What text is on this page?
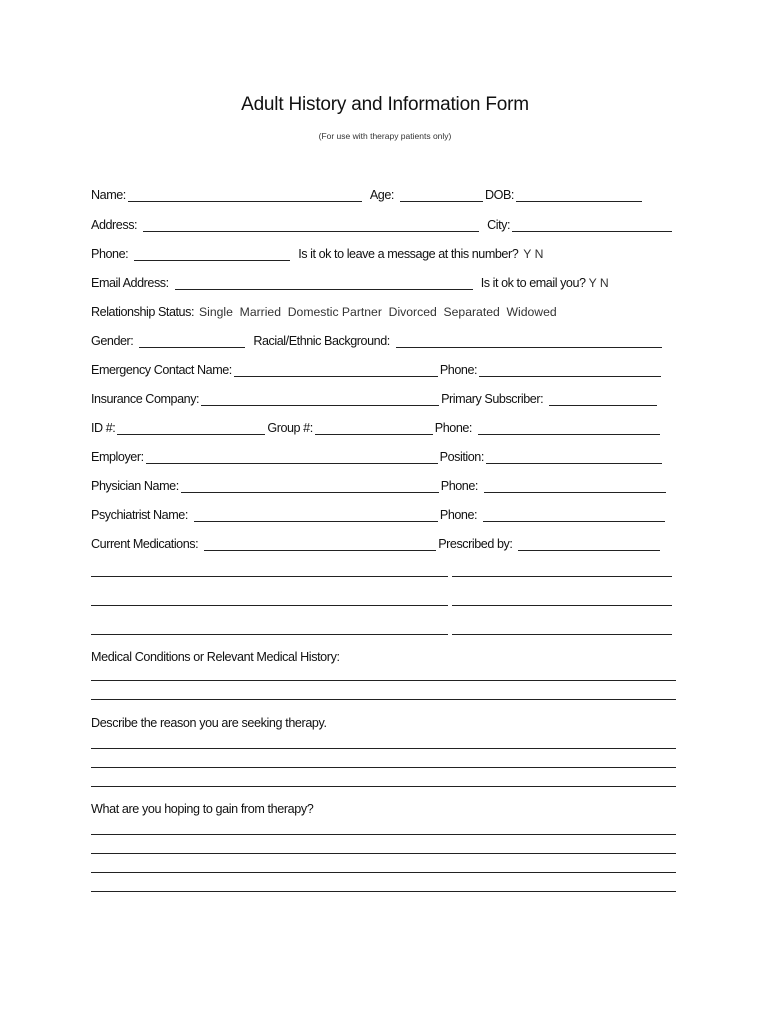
Adult History and Information Form
(For use with therapy patients only)
Name:	Age:	DOB:
Address:	City:
Phone:	Is it ok to leave a message at this number? Y N
Email Address:	Is it ok to email you? Y N
Relationship Status: Single  Married  Domestic Partner  Divorced  Separated  Widowed
Gender:	Racial/Ethnic Background:
Emergency Contact Name:	Phone:
Insurance Company:	Primary Subscriber:
ID #:	Group #:	Phone:
Employer:	Position:
Physician Name:	Phone:
Psychiatrist Name:	Phone:
Current Medications:	Prescribed by:
Medical Conditions or Relevant Medical History:
Describe the reason you are seeking therapy.
What are you hoping to gain from therapy?
